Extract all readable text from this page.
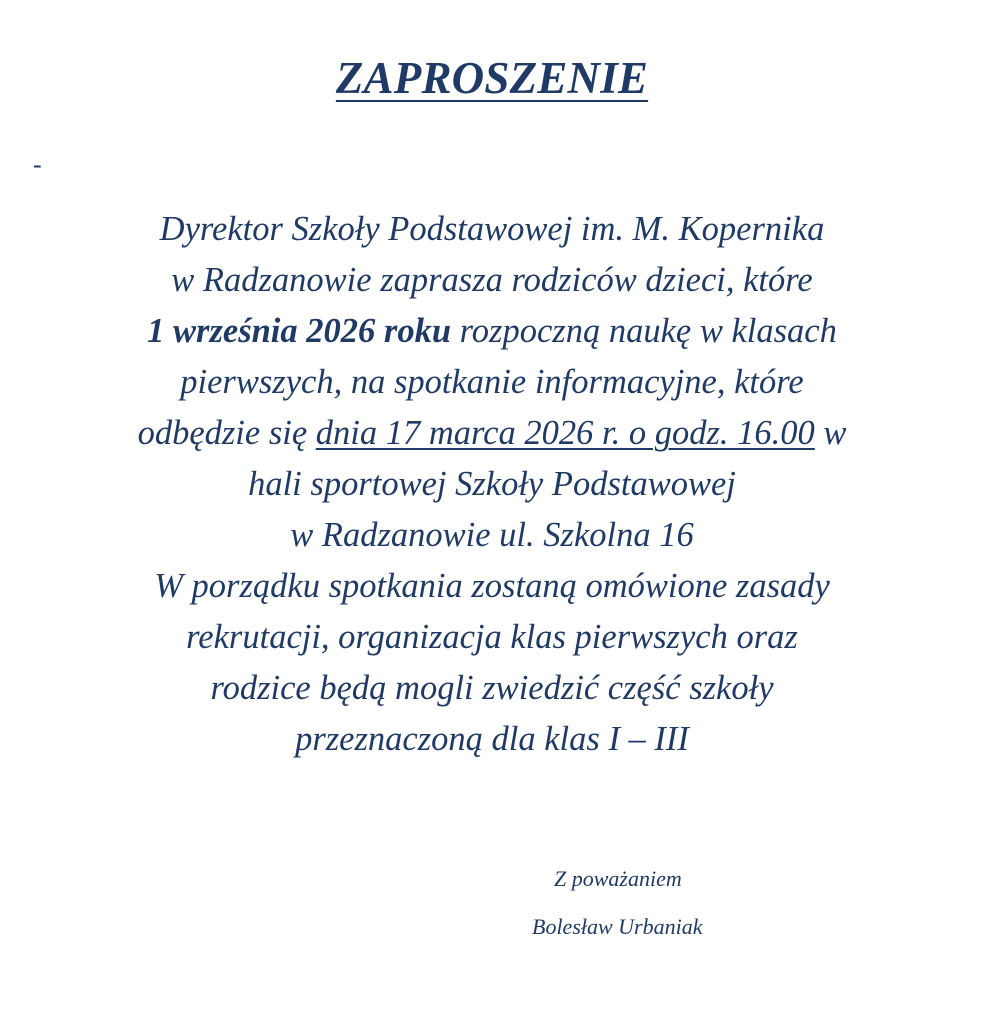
ZAPROSZENIE
-
Dyrektor Szkoły Podstawowej im. M. Kopernika
w Radzanowie zaprasza rodziców dzieci, które
1 września 2026 roku rozpoczną naukę w klasach
pierwszych, na spotkanie informacyjne, które
odbędzie się dnia 17 marca 2026 r. o godz. 16.00 w
hali sportowej Szkoły Podstawowej
w Radzanowie ul. Szkolna 16
W porządku spotkania zostaną omówione zasady
rekrutacji, organizacja klas pierwszych oraz
rodzice będą mogli zwiedzić część szkoły
przeznaczoną dla klas I – III
Z poważaniem
Bolesław Urbaniak
